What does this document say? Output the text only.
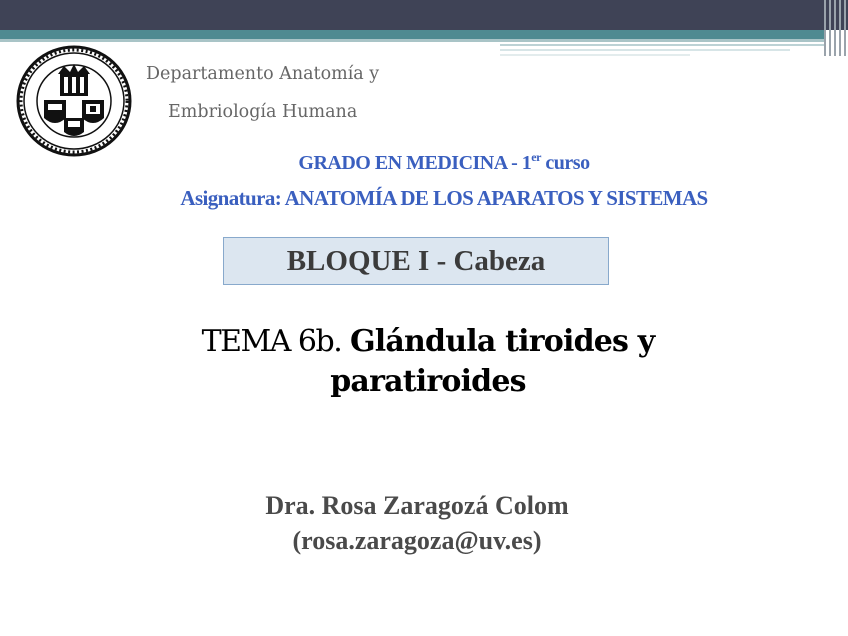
Departamento Anatomía y
Embriología Humana
GRADO EN MEDICINA - 1er curso
Asignatura: ANATOMÍA DE LOS APARATOS Y SISTEMAS
BLOQUE I - Cabeza
TEMA 6b. Glándula tiroides y
paratiroides
Dra. Rosa Zaragozá Colom
(rosa.zaragoza@uv.es)
